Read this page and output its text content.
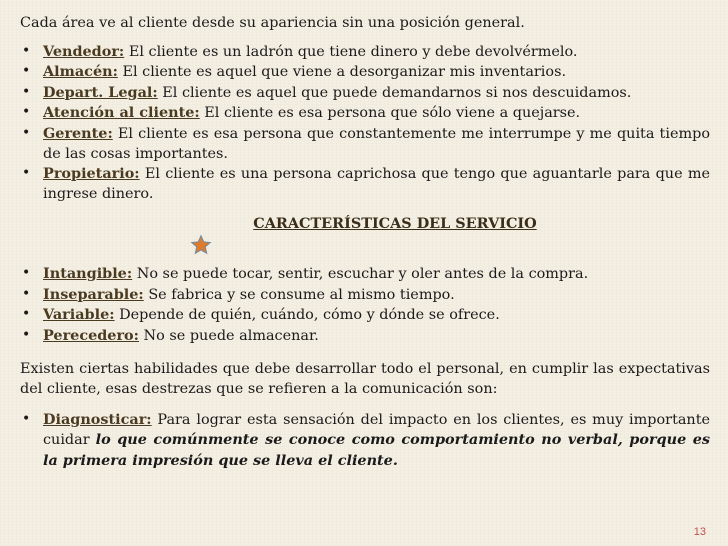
Cada área ve al cliente desde su apariencia sin una posición general.

• Vendedor: El cliente es un ladrón que tiene dinero y debe devolvérmelo.
• Almacén: El cliente es aquel que viene a desorganizar mis inventarios.
• Depart. Legal: El cliente es aquel que puede demandarnos si nos descuidamos.
• Atención al cliente: El cliente es esa persona que sólo viene a quejarse.
• Gerente: El cliente es esa persona que constantemente me interrumpe y me quita tiempo de las cosas importantes.
• Propietario: El cliente es una persona caprichosa que tengo que aguantarle para que me ingrese dinero.

CARACTERÍSTICAS DEL SERVICIO

• Intangible: No se puede tocar, sentir, escuchar y oler antes de la compra.
• Inseparable: Se fabrica y se consume al mismo tiempo.
• Variable: Depende de quién, cuándo, cómo y dónde se ofrece.
• Perecedero: No se puede almacenar.

Existen ciertas habilidades que debe desarrollar todo el personal, en cumplir las expectativas del cliente, esas destrezas que se refieren a la comunicación son:

• Diagnosticar: Para lograr esta sensación del impacto en los clientes, es muy importante cuidar lo que comúnmente se conoce como comportamiento no verbal, porque es la primera impresión que se lleva el cliente.
13
